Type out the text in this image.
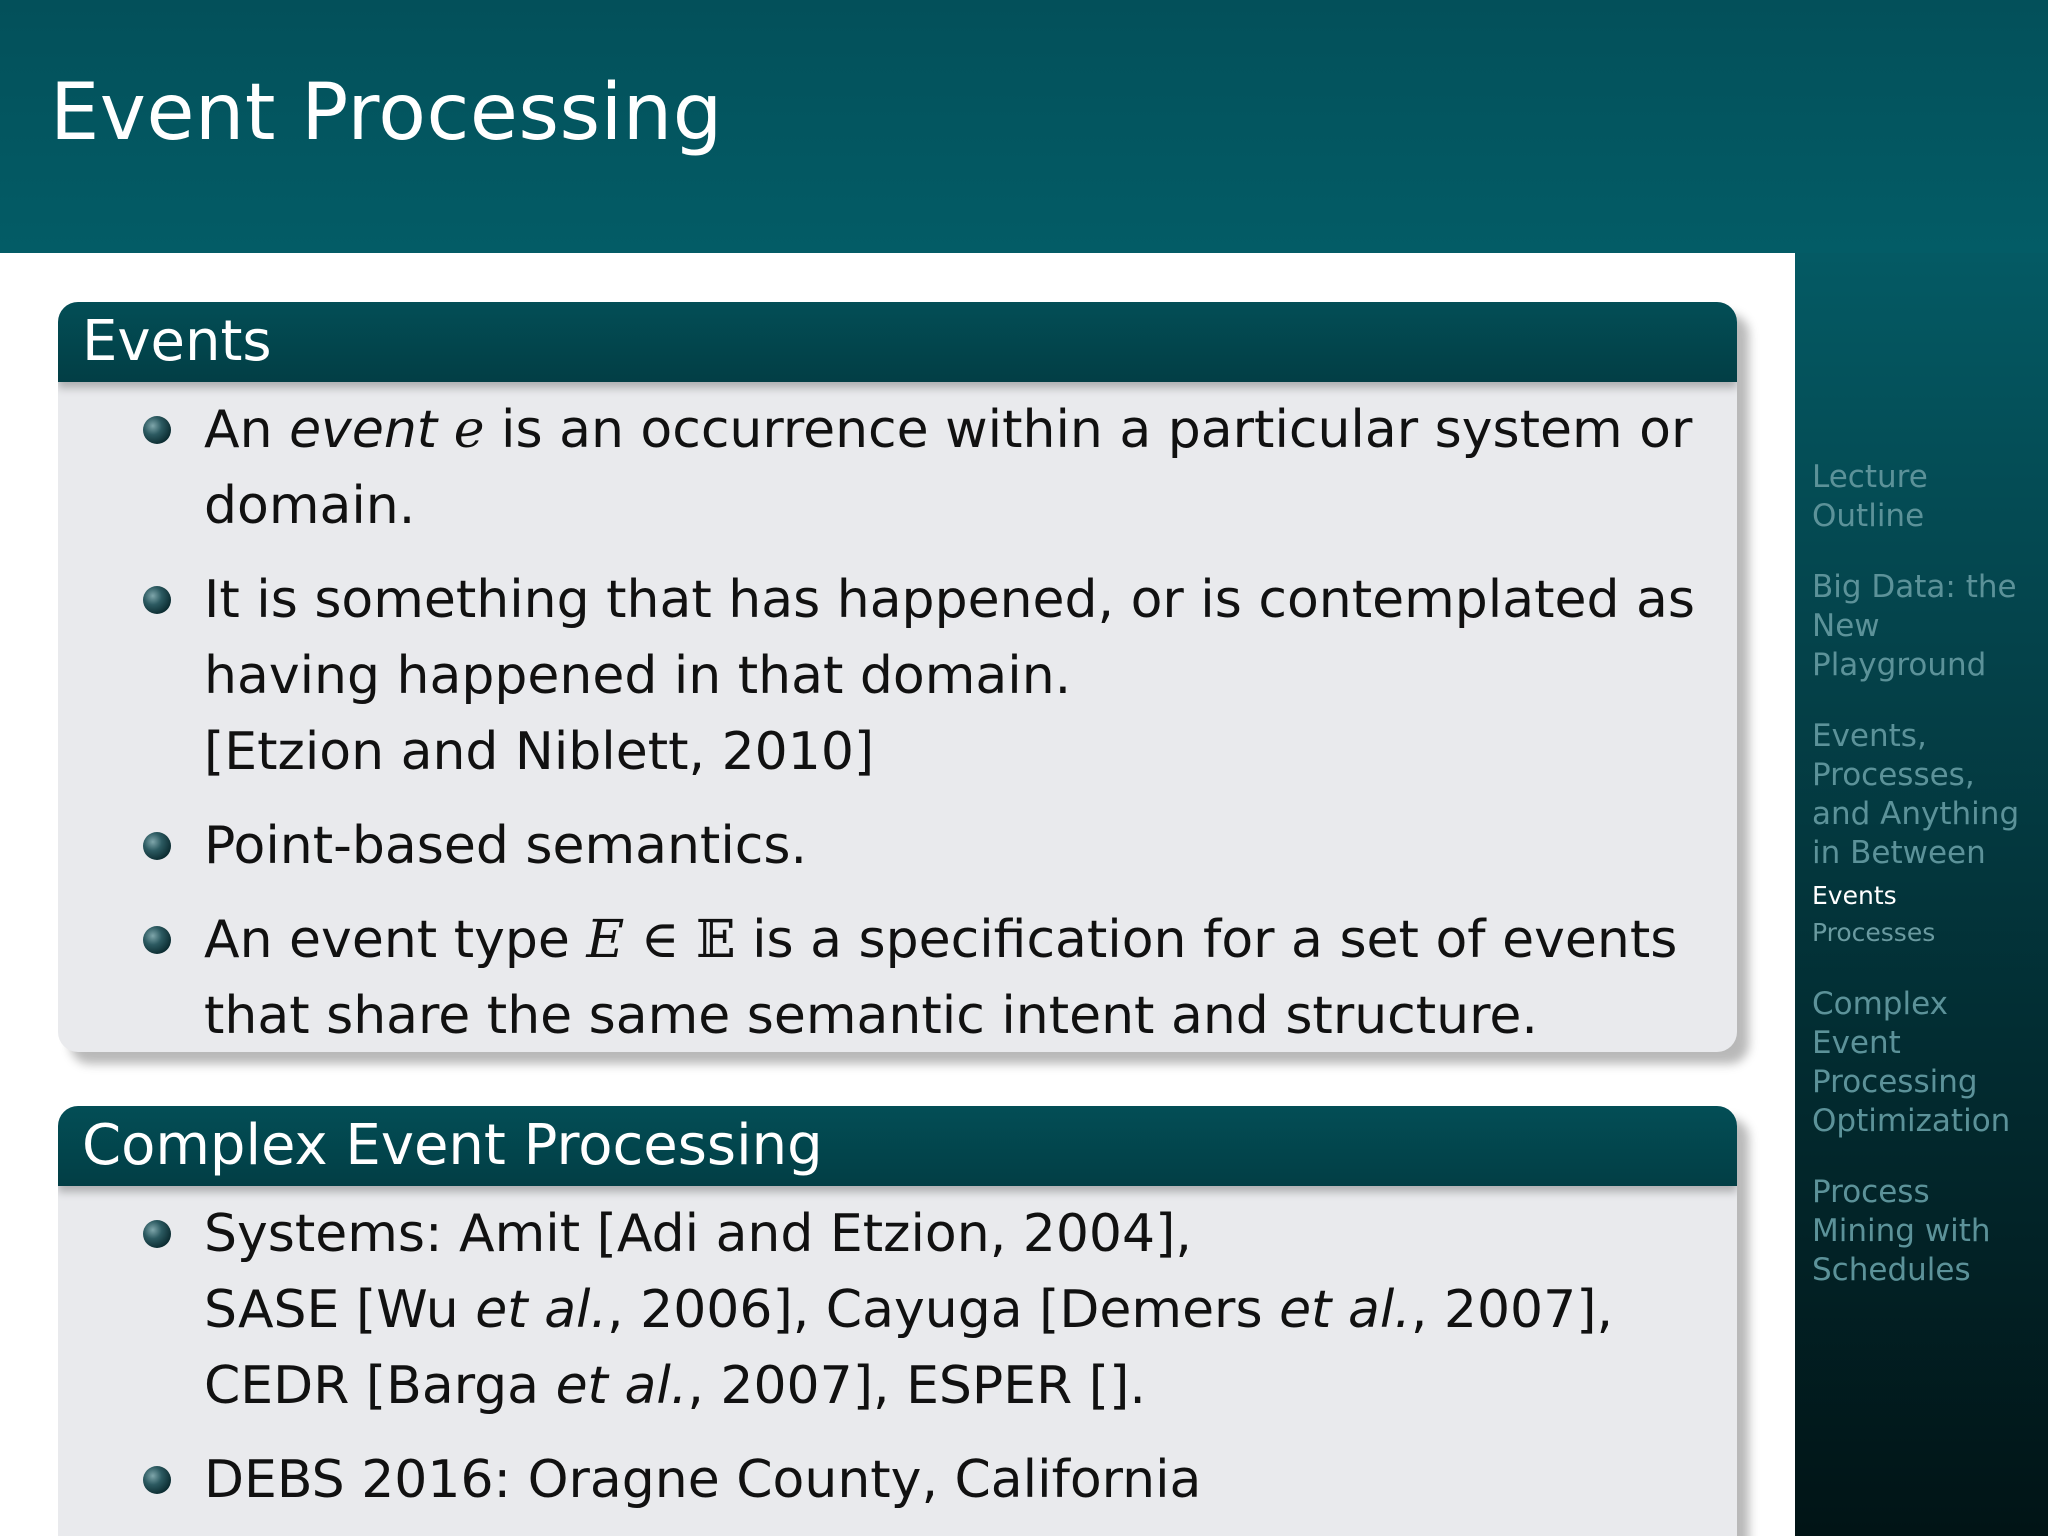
Event Processing
Lecture Outline
Big Data: the New Playground
Events, Processes, and Anything in Between
Events
Processes
Complex Event Processing Optimization
Process Mining with Schedules
Events
An event e is an occurrence within a particular system or domain.
It is something that has happened, or is contemplated as having happened in that domain.
[Etzion and Niblett, 2010]
Point-based semantics.
An event type E ∈ 𝔼 is a specification for a set of events that share the same semantic intent and structure.
Complex Event Processing
Systems: Amit [Adi and Etzion, 2004],
SASE [Wu et al., 2006], Cayuga [Demers et al., 2007],
CEDR [Barga et al., 2007], ESPER [].
DEBS 2016: Oragne County, California
